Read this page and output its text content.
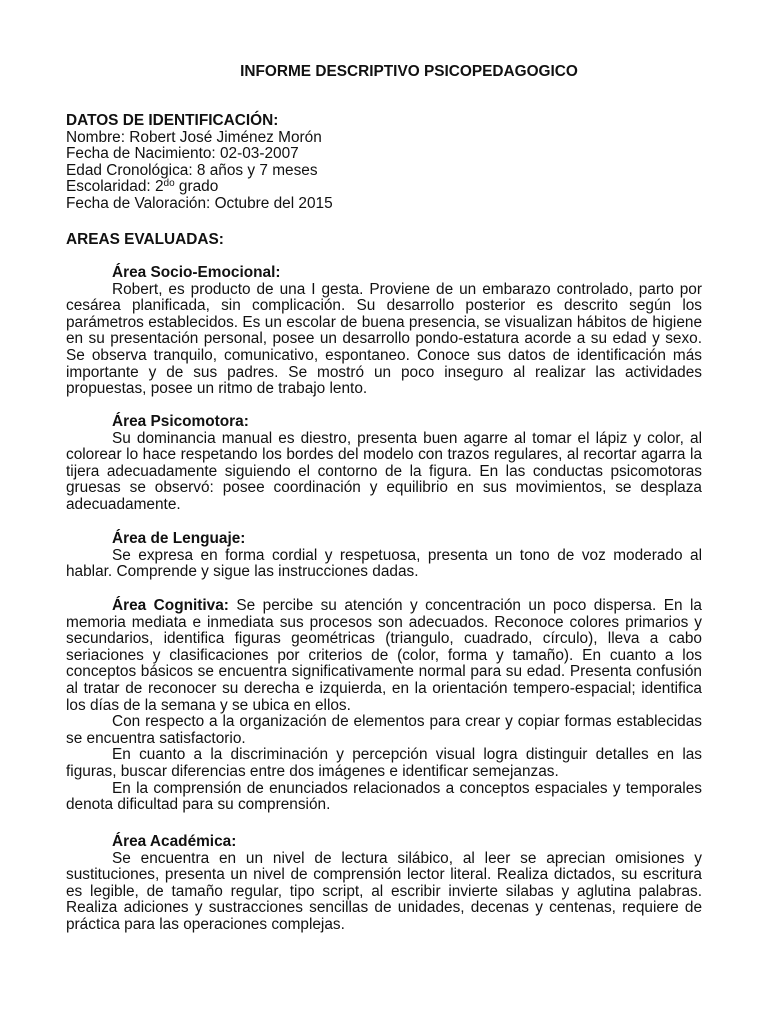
INFORME DESCRIPTIVO PSICOPEDAGOGICO
DATOS DE IDENTIFICACIÓN:
Nombre: Robert José Jiménez Morón
Fecha de Nacimiento: 02-03-2007
Edad Cronológica: 8 años y 7 meses
Escolaridad: $2^{do}$ grado
Fecha de Valoración: Octubre del 2015
AREAS EVALUADAS:
Área Socio-Emocional:

Robert, es producto de una I gesta. Proviene de un embarazo controlado, parto por cesárea planificada, sin complicación. Su desarrollo posterior es descrito según los parámetros establecidos. Es un escolar de buena presencia, se visualizan hábitos de higiene en su presentación personal, posee un desarrollo pondo-estatura acorde a su edad y sexo. Se observa tranquilo, comunicativo, espontaneo. Conoce sus datos de identificación más importante y de sus padres. Se mostró un poco inseguro al realizar las actividades propuestas, posee un ritmo de trabajo lento.

Área Psicomotora:

Su dominancia manual es diestro, presenta buen agarre al tomar el lápiz y color, al colorear lo hace respetando los bordes del modelo con trazos regulares, al recortar agarra la tijera adecuadamente siguiendo el contorno de la figura. En las conductas psicomotoras gruesas se observó: posee coordinación y equilibrio en sus movimientos, se desplaza adecuadamente.

Área de Lenguaje:

Se expresa en forma cordial y respetuosa, presenta un tono de voz moderado al hablar. Comprende y sigue las instrucciones dadas.

Área Cognitiva: Se percibe su atención y concentración un poco dispersa. En la memoria mediata e inmediata sus procesos son adecuados. Reconoce colores primarios y secundarios, identifica figuras geométricas (triangulo, cuadrado, círculo), lleva a cabo seriaciones y clasificaciones por criterios de (color, forma y tamaño). En cuanto a los conceptos básicos se encuentra significativamente normal para su edad. Presenta confusión al tratar de reconocer su derecha e izquierda, en la orientación tempero-espacial; identifica los días de la semana y se ubica en ellos.

Con respecto a la organización de elementos para crear y copiar formas establecidas se encuentra satisfactorio.

En cuanto a la discriminación y percepción visual logra distinguir detalles en las figuras, buscar diferencias entre dos imágenes e identificar semejanzas.

En la comprensión de enunciados relacionados a conceptos espaciales y temporales denota dificultad para su comprensión.

Área Académica:

Se encuentra en un nivel de lectura silábico, al leer se aprecian omisiones y sustituciones, presenta un nivel de comprensión lector literal. Realiza dictados, su escritura es legible, de tamaño regular, tipo script, al escribir invierte silabas y aglutina palabras. Realiza adiciones y sustracciones sencillas de unidades, decenas y centenas, requiere de práctica para las operaciones complejas.
